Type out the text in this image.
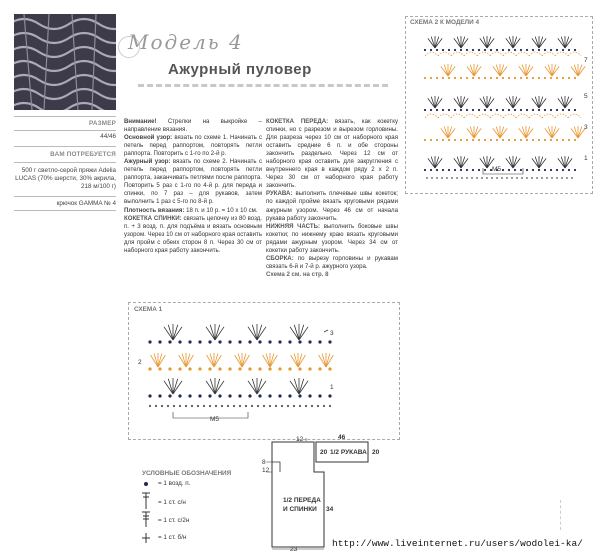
РАЗМЕР
44/46
ВАМ ПОТРЕБУЕТСЯ
500 г светло-серой пряжи Adelia
LUCAS (70% шерсти, 30% акрила,
218 м/100 г)
крючок GAMMA № 4
Модель 4
Ажурный пуловер
Внимание! Стрелки на выкройке – направление вязания.
Основной узор: вязать по схеме 1. Начинать с петель перед раппортом, повторять петли раппорта. Повторить с 1-го по 2-й р.
Ажурный узор: вязать по схеме 2. Начинать с петель перед раппортом, повторять петли раппорта, заканчивать петлями после раппорта. Повторить 5 раз с 1-го по 4-й р. для переда и спинки, по 7 раз – для рукавов, затем выполнить 1 раз с 5-го по 8-й р.
Плотность вязания: 18 п. и 10 р. = 10 х 10 см.
КОКЕТКА СПИНКИ: связать цепочку из 80 возд. п. + 3 возд. п. для подъёма и вязать основным узором. Через 10 см от наборного края оставить для пройм с обеих сторон 8 п. Через 30 см от наборного края работу закончить.
КОКЕТКА ПЕРЕДА: вязать, как кокетку спинки, но с разрезом и вырезом горловины. Для разреза через 10 см от наборного края оставить средние 6 п. и обе стороны закончить раздельно. Через 12 см от наборного края оставить для закругления с внутреннего края в каждом ряду 2 х 2 п. Через 30 см от наборного края работу закончить.
РУКАВА: выполнить плечевые швы кокеток; по каждой пройме вязать круговыми рядами ажурным узором. Через 46 см от начала рукава работу закончить.
НИЖНЯЯ ЧАСТЬ: выполнить боковые швы кокетки; по нижнему краю вязать круговыми рядами ажурным узором. Через 34 см от кокетки работу закончить.
СБОРКА: по вырезу горловины и рукавам связать 6-й и 7-й р. ажурного узора.
Схема 2 см. на стр. 8
СХЕМА 2 К МОДЕЛИ 4
7
5
3
1
М5
СХЕМА 1
3
2
1
М5
УСЛОВНЫЕ ОБОЗНАЧЕНИЯ
= 1 возд. п.
= 1 ст. с/н
= 1 ст. с/2н
= 1 ст. б/н
12	46
20 1/2 РУКАВА 20
8
12
1/2 ПЕРЕДА
И СПИНКИ 34
23
http://www.liveinternet.ru/users/wodolei-ka/
